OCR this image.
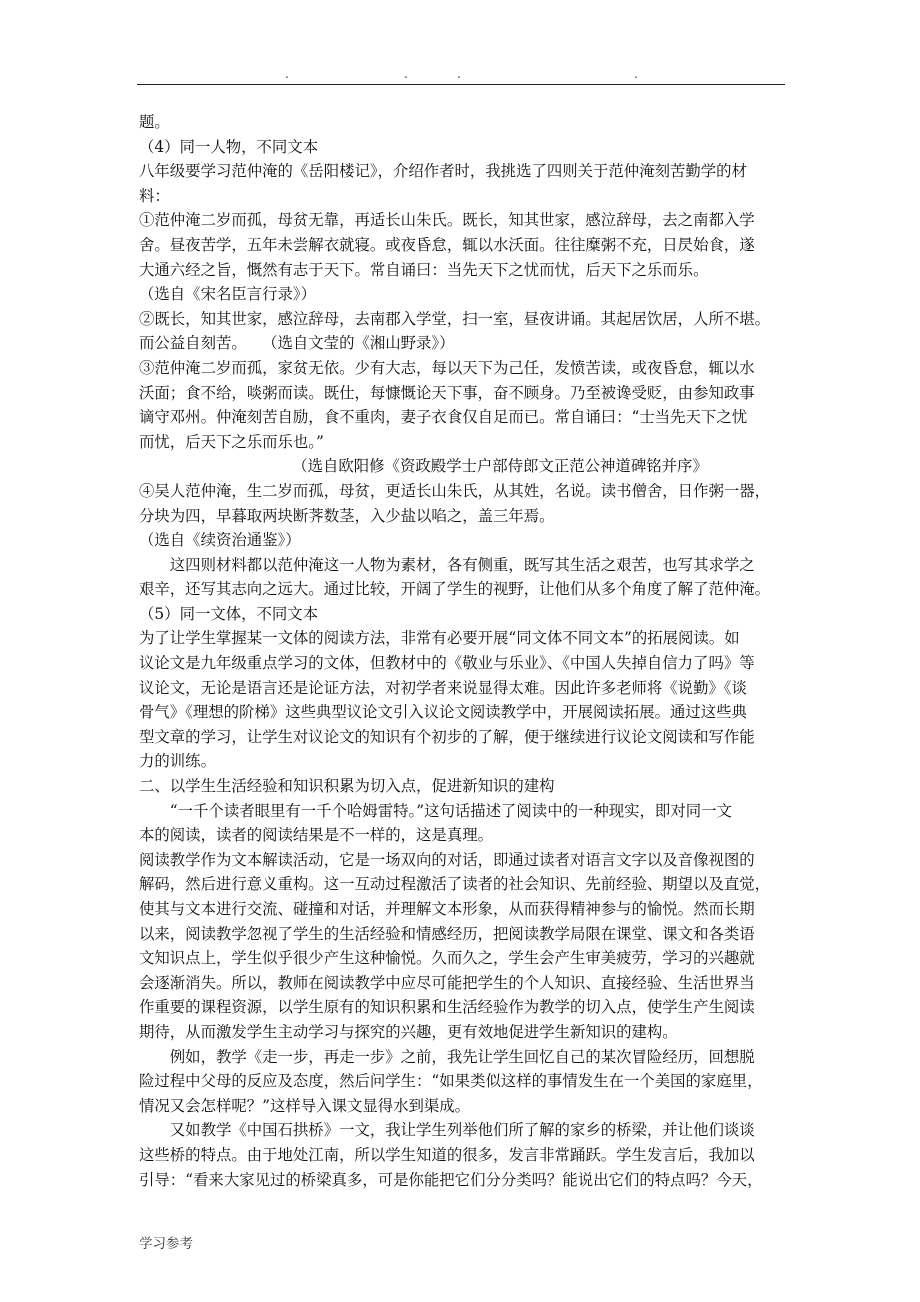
.	.	.	.

题。

（4）同一人物，不同文本

八年级要学习范仲淹的《岳阳楼记》，介绍作者时，我挑选了四则关于范仲淹刻苦勤学的材

料：

①范仲淹二岁而孤，母贫无靠，再适长山朱氏。既长，知其世家，感泣辞母，去之南都入学

舍。昼夜苦学，五年未尝解衣就寝。或夜昏怠，辄以水沃面。往往糜粥不充，日昃始食，遂

大通六经之旨，慨然有志于天下。常自诵曰：当先天下之忧而忧，后天下之乐而乐。

（选自《宋名臣言行录》）

②既长，知其世家，感泣辞母，去南郡入学堂，扫一室，昼夜讲诵。其起居饮居，人所不堪。

而公益自刻苦。　　（选自文莹的《湘山野录》）

③范仲淹二岁而孤，家贫无依。少有大志，每以天下为己任，发愤苦读，或夜昏怠，辄以水

沃面；食不给，啖粥而读。既仕，每慷慨论天下事，奋不顾身。乃至被谗受贬，由参知政事

谪守邓州。仲淹刻苦自励，食不重肉，妻子衣食仅自足而已。常自诵曰：“士当先天下之忧

而忧，后天下之乐而乐也。”

（选自欧阳修《资政殿学士户部侍郎文正范公神道碑铭并序》

④吴人范仲淹，生二岁而孤，母贫，更适长山朱氏，从其姓，名说。读书僧舍，日作粥一器，

分块为四，早暮取两块断荠数茎，入少盐以啗之，盖三年焉。

（选自《续资治通鉴》）

　　这四则材料都以范仲淹这一人物为素材，各有侧重，既写其生活之艰苦，也写其求学之

艰辛，还写其志向之远大。通过比较，开阔了学生的视野，让他们从多个角度了解了范仲淹。

（5）同一文体，不同文本

为了让学生掌握某一文体的阅读方法，非常有必要开展“同文体不同文本”的拓展阅读。如

议论文是九年级重点学习的文体，但教材中的《敬业与乐业》、《中国人失掉自信力了吗》等

议论文，无论是语言还是论证方法，对初学者来说显得太难。因此许多老师将《说勤》《谈

骨气》《理想的阶梯》这些典型议论文引入议论文阅读教学中，开展阅读拓展。通过这些典

型文章的学习，让学生对议论文的知识有个初步的了解，便于继续进行议论文阅读和写作能

力的训练。

二、以学生生活经验和知识积累为切入点，促进新知识的建构

　　“一千个读者眼里有一千个哈姆雷特。”这句话描述了阅读中的一种现实，即对同一文

本的阅读，读者的阅读结果是不一样的，这是真理。

阅读教学作为文本解读活动，它是一场双向的对话，即通过读者对语言文字以及音像视图的

解码，然后进行意义重构。这一互动过程激活了读者的社会知识、先前经验、期望以及直觉，

使其与文本进行交流、碰撞和对话，并理解文本形象，从而获得精神参与的愉悦。然而长期

以来，阅读教学忽视了学生的生活经验和情感经历，把阅读教学局限在课堂、课文和各类语

文知识点上，学生似乎很少产生这种愉悦。久而久之，学生会产生审美疲劳，学习的兴趣就

会逐渐消失。所以，教师在阅读教学中应尽可能把学生的个人知识、直接经验、生活世界当

作重要的课程资源，以学生原有的知识积累和生活经验作为教学的切入点，使学生产生阅读

期待，从而激发学生主动学习与探究的兴趣，更有效地促进学生新知识的建构。

　　例如，教学《走一步，再走一步》之前，我先让学生回忆自己的某次冒险经历，回想脱

险过程中父母的反应及态度，然后问学生：“如果类似这样的事情发生在一个美国的家庭里，

情况又会怎样呢？”这样导入课文显得水到渠成。

　　又如教学《中国石拱桥》一文，我让学生列举他们所了解的家乡的桥梁，并让他们谈谈

这些桥的特点。由于地处江南，所以学生知道的很多，发言非常踊跃。学生发言后，我加以

引导：“看来大家见过的桥梁真多，可是你能把它们分分类吗？能说出它们的特点吗？今天，

学习参考
